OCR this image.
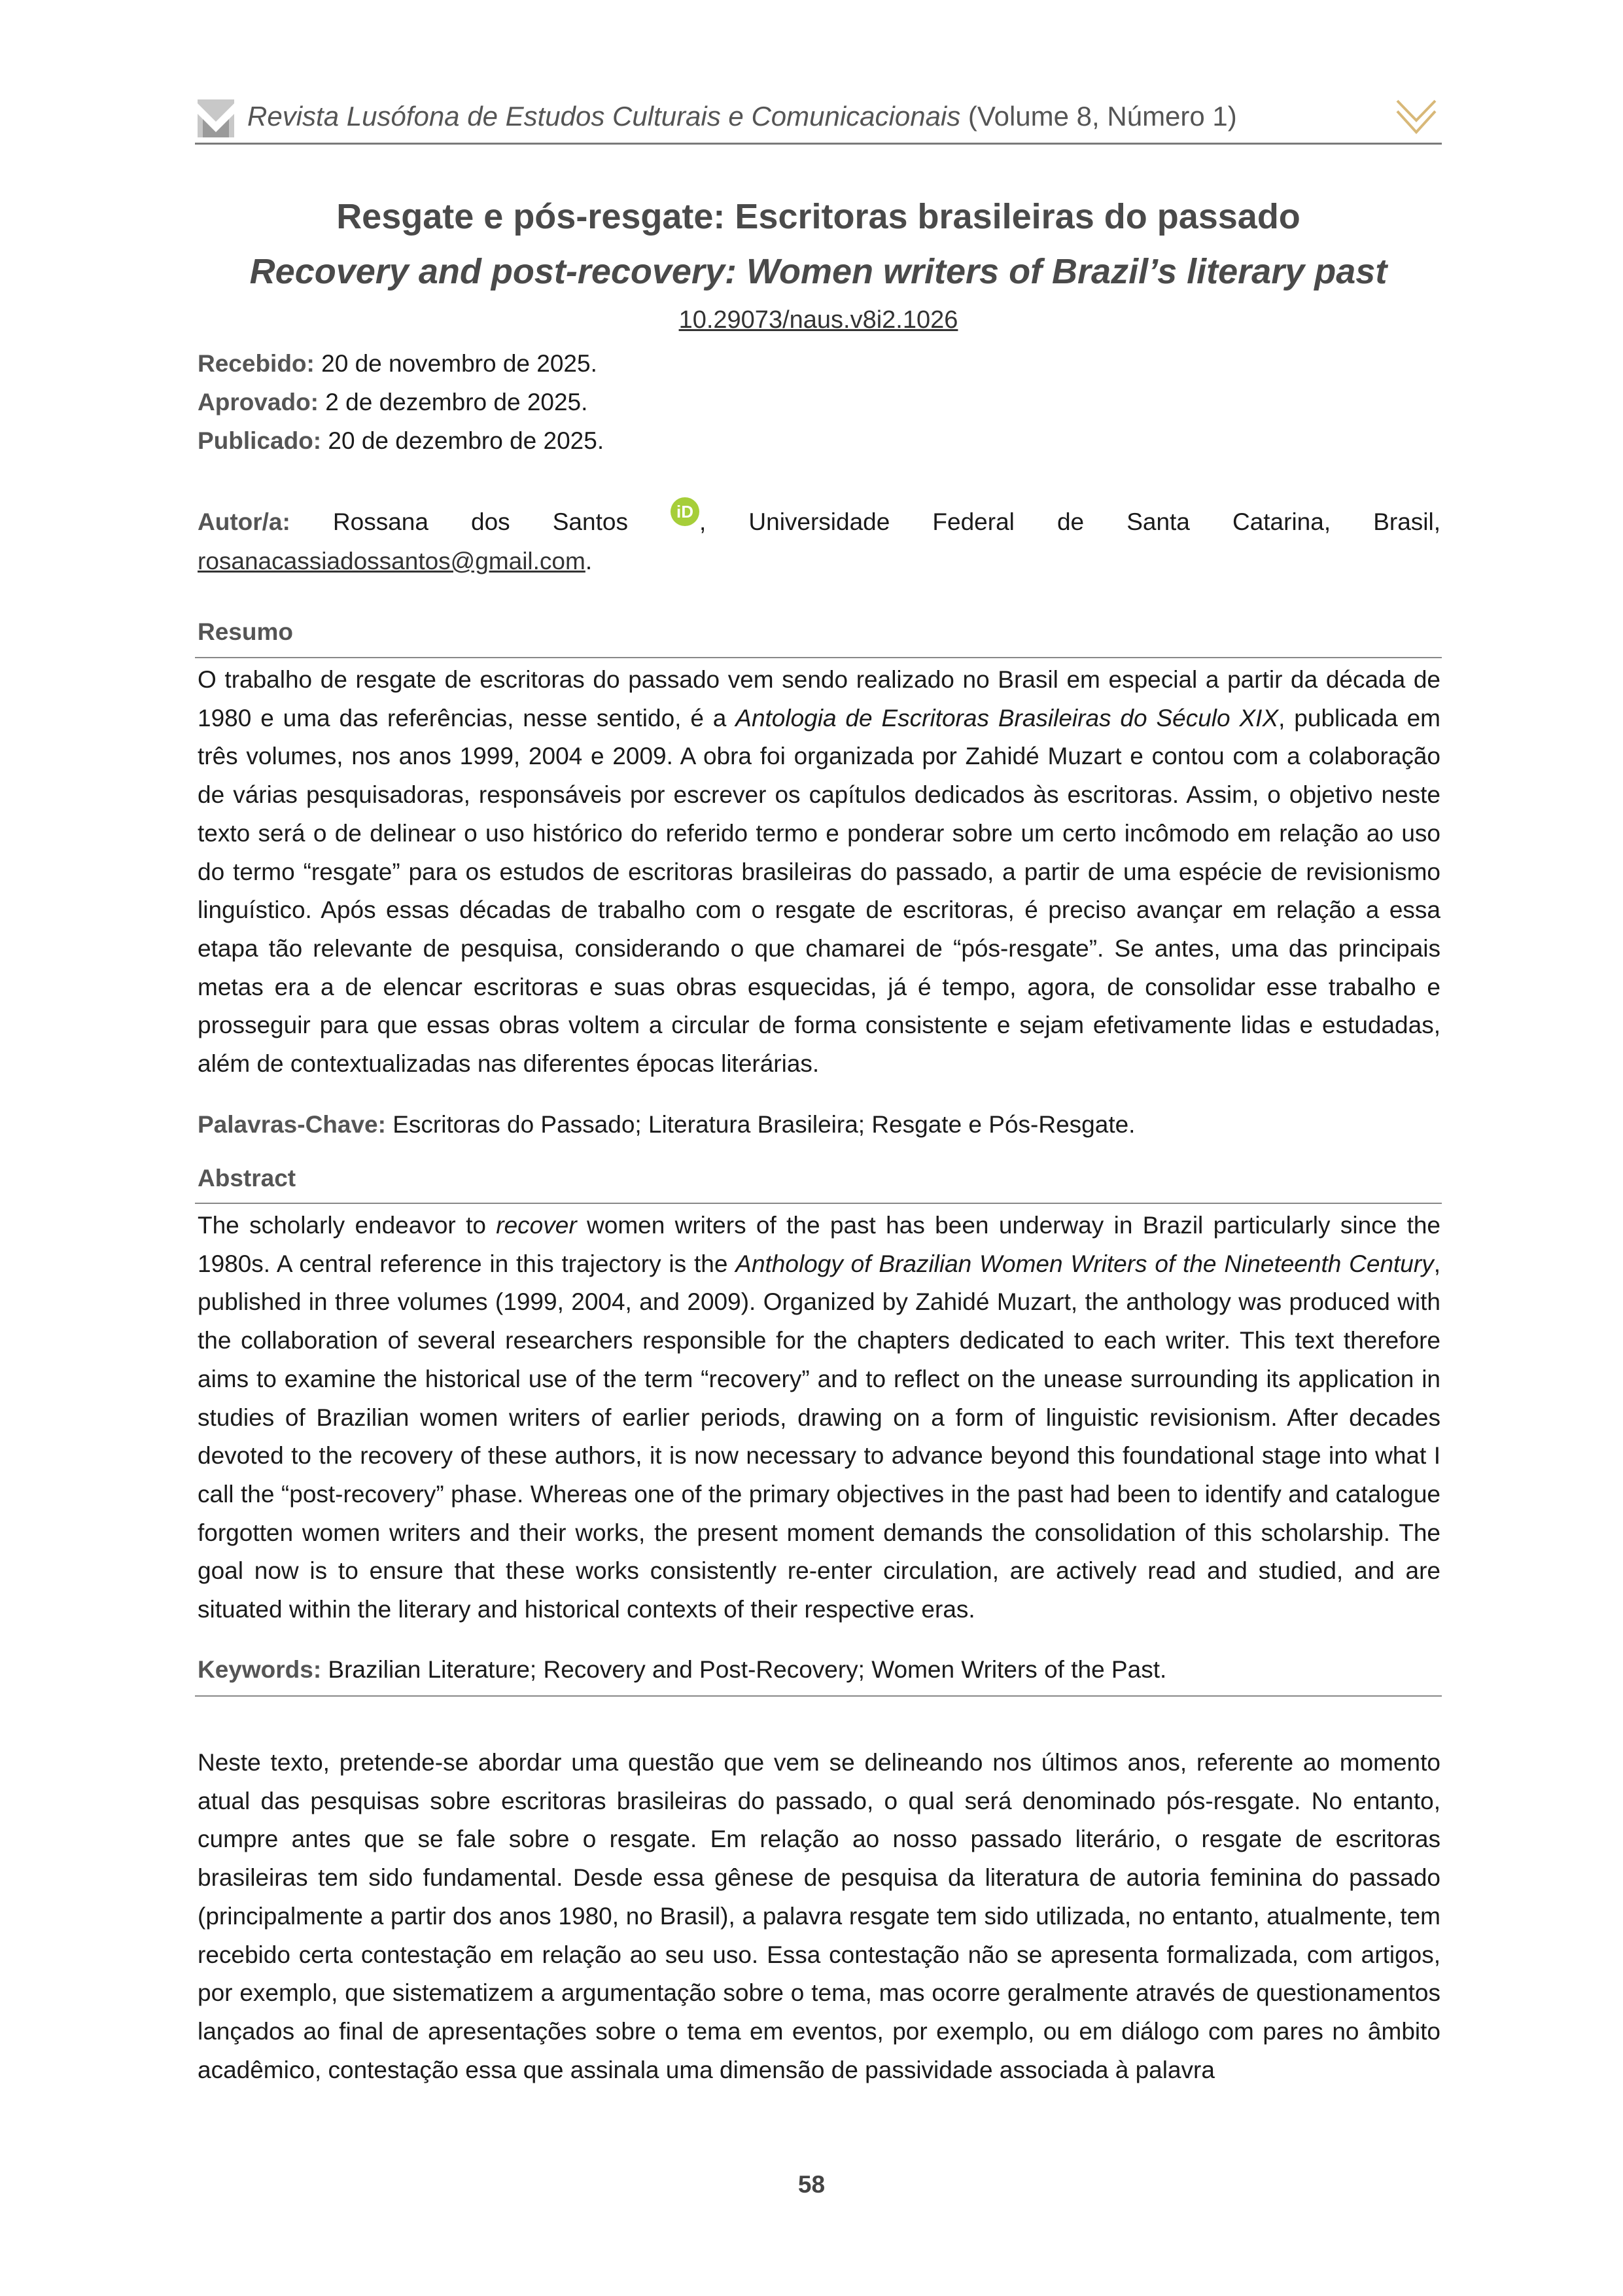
Revista Lusófona de Estudos Culturais e Comunicacionais (Volume 8, Número 1)
Resgate e pós-resgate: Escritoras brasileiras do passado
Recovery and post-recovery: Women writers of Brazil’s literary past
10.29073/naus.v8i2.1026
Recebido: 20 de novembro de 2025.
Aprovado: 2 de dezembro de 2025.
Publicado: 20 de dezembro de 2025.
Autor/a: Rossana dos Santos	iD , Universidade Federal de Santa Catarina, Brasil,
rosanacassiadossantos@gmail.com.
Resumo
O trabalho de resgate de escritoras do passado vem sendo realizado no Brasil em especial a partir da década de 1980 e uma das referências, nesse sentido, é a Antologia de Escritoras Brasileiras do Século XIX, publicada em três volumes, nos anos 1999, 2004 e 2009. A obra foi organizada por Zahidé Muzart e contou com a colaboração de várias pesquisadoras, responsáveis por escrever os capítulos dedicados às escritoras. Assim, o objetivo neste texto será o de delinear o uso histórico do referido termo e ponderar sobre um certo incômodo em relação ao uso do termo “resgate” para os estudos de escritoras brasileiras do passado, a partir de uma espécie de revisionismo linguístico. Após essas décadas de trabalho com o resgate de escritoras, é preciso avançar em relação a essa etapa tão relevante de pesquisa, considerando o que chamarei de “pós-resgate”. Se antes, uma das principais metas era a de elencar escritoras e suas obras esquecidas, já é tempo, agora, de consolidar esse trabalho e prosseguir para que essas obras voltem a circular de forma consistente e sejam efetivamente lidas e estudadas, além de contextualizadas nas diferentes épocas literárias.
Palavras-Chave: Escritoras do Passado; Literatura Brasileira; Resgate e Pós-Resgate.
Abstract
The scholarly endeavor to recover women writers of the past has been underway in Brazil particularly since the 1980s. A central reference in this trajectory is the Anthology of Brazilian Women Writers of the Nineteenth Century, published in three volumes (1999, 2004, and 2009). Organized by Zahidé Muzart, the anthology was produced with the collaboration of several researchers responsible for the chapters dedicated to each writer. This text therefore aims to examine the historical use of the term “recovery” and to reflect on the unease surrounding its application in studies of Brazilian women writers of earlier periods, drawing on a form of linguistic revisionism. After decades devoted to the recovery of these authors, it is now necessary to advance beyond this foundational stage into what I call the “post-recovery” phase. Whereas one of the primary objectives in the past had been to identify and catalogue forgotten women writers and their works, the present moment demands the consolidation of this scholarship. The goal now is to ensure that these works consistently re-enter circulation, are actively read and studied, and are situated within the literary and historical contexts of their respective eras.
Keywords: Brazilian Literature; Recovery and Post-Recovery; Women Writers of the Past.
Neste texto, pretende-se abordar uma questão que vem se delineando nos últimos anos, referente ao momento atual das pesquisas sobre escritoras brasileiras do passado, o qual será denominado pós-resgate. No entanto, cumpre antes que se fale sobre o resgate. Em relação ao nosso passado literário, o resgate de escritoras brasileiras tem sido fundamental. Desde essa gênese de pesquisa da literatura de autoria feminina do passado (principalmente a partir dos anos 1980, no Brasil), a palavra resgate tem sido utilizada, no entanto, atualmente, tem recebido certa contestação em relação ao seu uso. Essa contestação não se apresenta formalizada, com artigos, por exemplo, que sistematizem a argumentação sobre o tema, mas ocorre geralmente através de questionamentos lançados ao final de apresentações sobre o tema em eventos, por exemplo, ou em diálogo com pares no âmbito acadêmico, contestação essa que assinala uma dimensão de passividade associada à palavra
58
